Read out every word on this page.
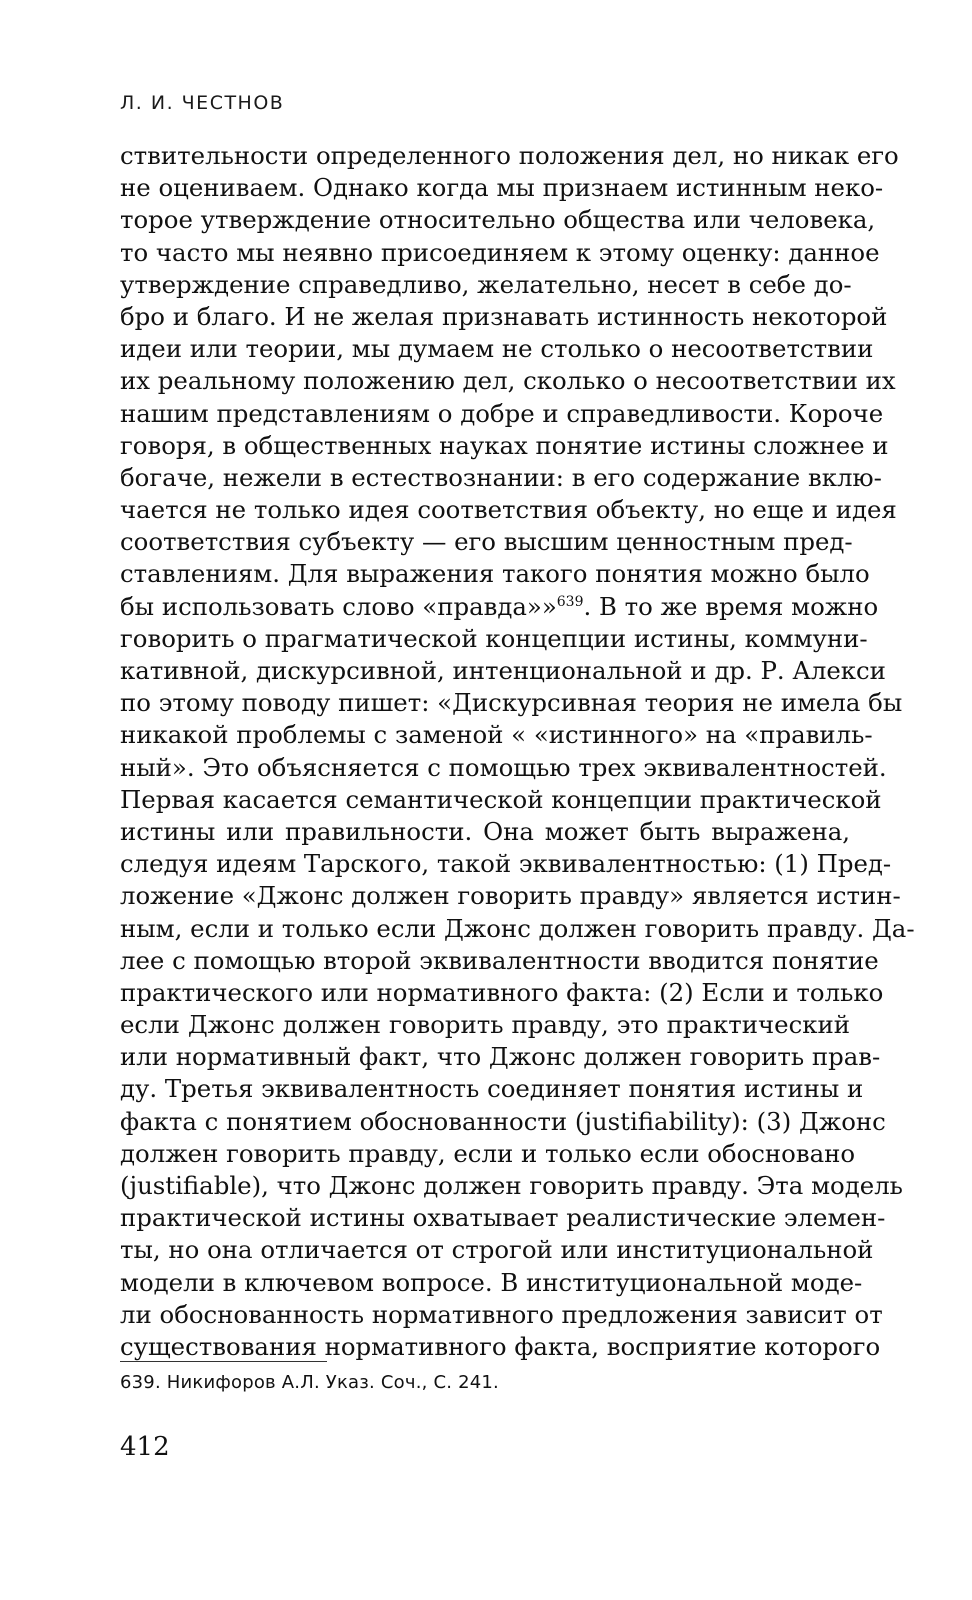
Л. И. ЧЕСТНОВ
ствительности определенного положения дел, но никак его
не оцениваем. Однако когда мы признаем истинным неко-
торое утверждение относительно общества или человека,
то часто мы неявно присоединяем к этому оценку: данное
утверждение справедливо, желательно, несет в себе до-
бро и благо. И не желая признавать истинность некоторой
идеи или теории, мы думаем не столько о несоответствии
их реальному положению дел, сколько о несоответствии их
нашим представлениям о добре и справедливости. Короче
говоря, в общественных науках понятие истины сложнее и
богаче, нежели в естествознании: в его содержание вклю-
чается не только идея соответствия объекту, но еще и идея
соответствия субъекту — его высшим ценностным пред-
ставлениям. Для выражения такого понятия можно было
бы использовать слово «правда»»$^{639}$. В то же время можно
говорить о прагматической концепции истины, коммуни-
кативной, дискурсивной, интенциональной и др. Р. Алекси
по этому поводу пишет: «Дискурсивная теория не имела бы
никакой проблемы с заменой « «истинного» на «правиль-
ный». Это объясняется с помощью трех эквивалентностей.
Первая касается семантической концепции практической
истины или правильности. Она может быть выражена,
следуя идеям Тарского, такой эквивалентностью: (1) Пред-
ложение «Джонс должен говорить правду» является истин-
ным, если и только если Джонс должен говорить правду. Да-
лее с помощью второй эквивалентности вводится понятие
практического или нормативного факта: (2) Если и только
если Джонс должен говорить правду, это практический
или нормативный факт, что Джонс должен говорить прав-
ду. Третья эквивалентность соединяет понятия истины и
факта с понятием обоснованности (justifiability): (3) Джонс
должен говорить правду, если и только если обосновано
(justifiable), что Джонс должен говорить правду. Эта модель
практической истины охватывает реалистические элемен-
ты, но она отличается от строгой или институциональной
модели в ключевом вопросе. В институциональной моде-
ли обоснованность нормативного предложения зависит от
существования нормативного факта, восприятие которого
639. Никифоров А.Л. Указ. Соч., С. 241.
412
